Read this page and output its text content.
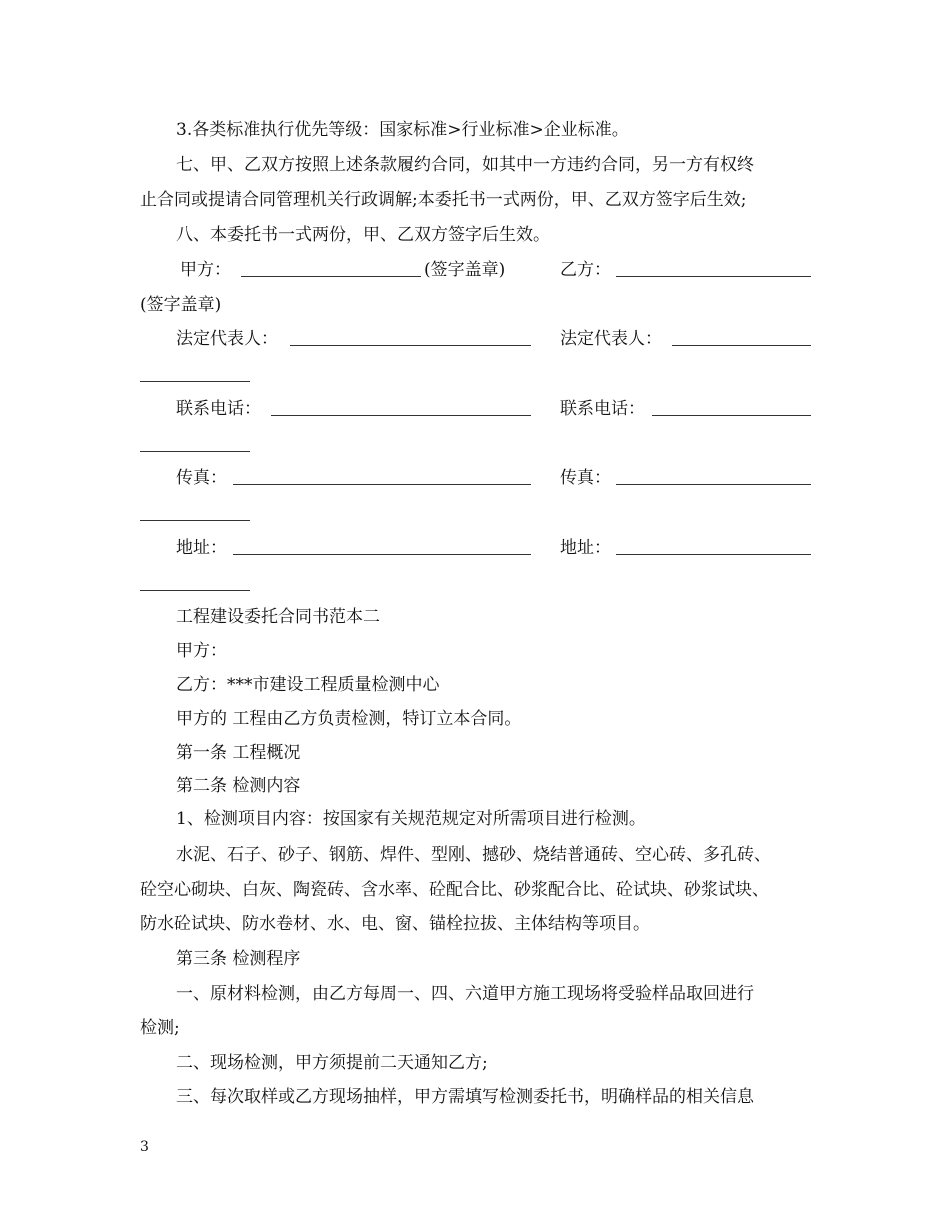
3.各类标准执行优先等级：国家标准>行业标准>企业标准。
七、甲、乙双方按照上述条款履约合同，如其中一方违约合同，另一方有权终
止合同或提请合同管理机关行政调解;本委托书一式两份，甲、乙双方签字后生效;
八、本委托书一式两份，甲、乙双方签字后生效。
甲方：	(签字盖章)	乙方：
(签字盖章)
法定代表人：	法定代表人：
联系电话：	联系电话：
传真：	传真：
地址：	地址：
工程建设委托合同书范本二
甲方：
乙方：***市建设工程质量检测中心
甲方的 工程由乙方负责检测，特订立本合同。
第一条 工程概况
第二条 检测内容
1、检测项目内容：按国家有关规范规定对所需项目进行检测。
水泥、石子、砂子、钢筋、焊件、型刚、撼砂、烧结普通砖、空心砖、多孔砖、
砼空心砌块、白灰、陶瓷砖、含水率、砼配合比、砂浆配合比、砼试块、砂浆试块、
防水砼试块、防水卷材、水、电、窗、锚栓拉拔、主体结构等项目。
第三条 检测程序
一、原材料检测，由乙方每周一、四、六道甲方施工现场将受验样品取回进行
检测;
二、现场检测，甲方须提前二天通知乙方;
三、每次取样或乙方现场抽样，甲方需填写检测委托书，明确样品的相关信息
3
